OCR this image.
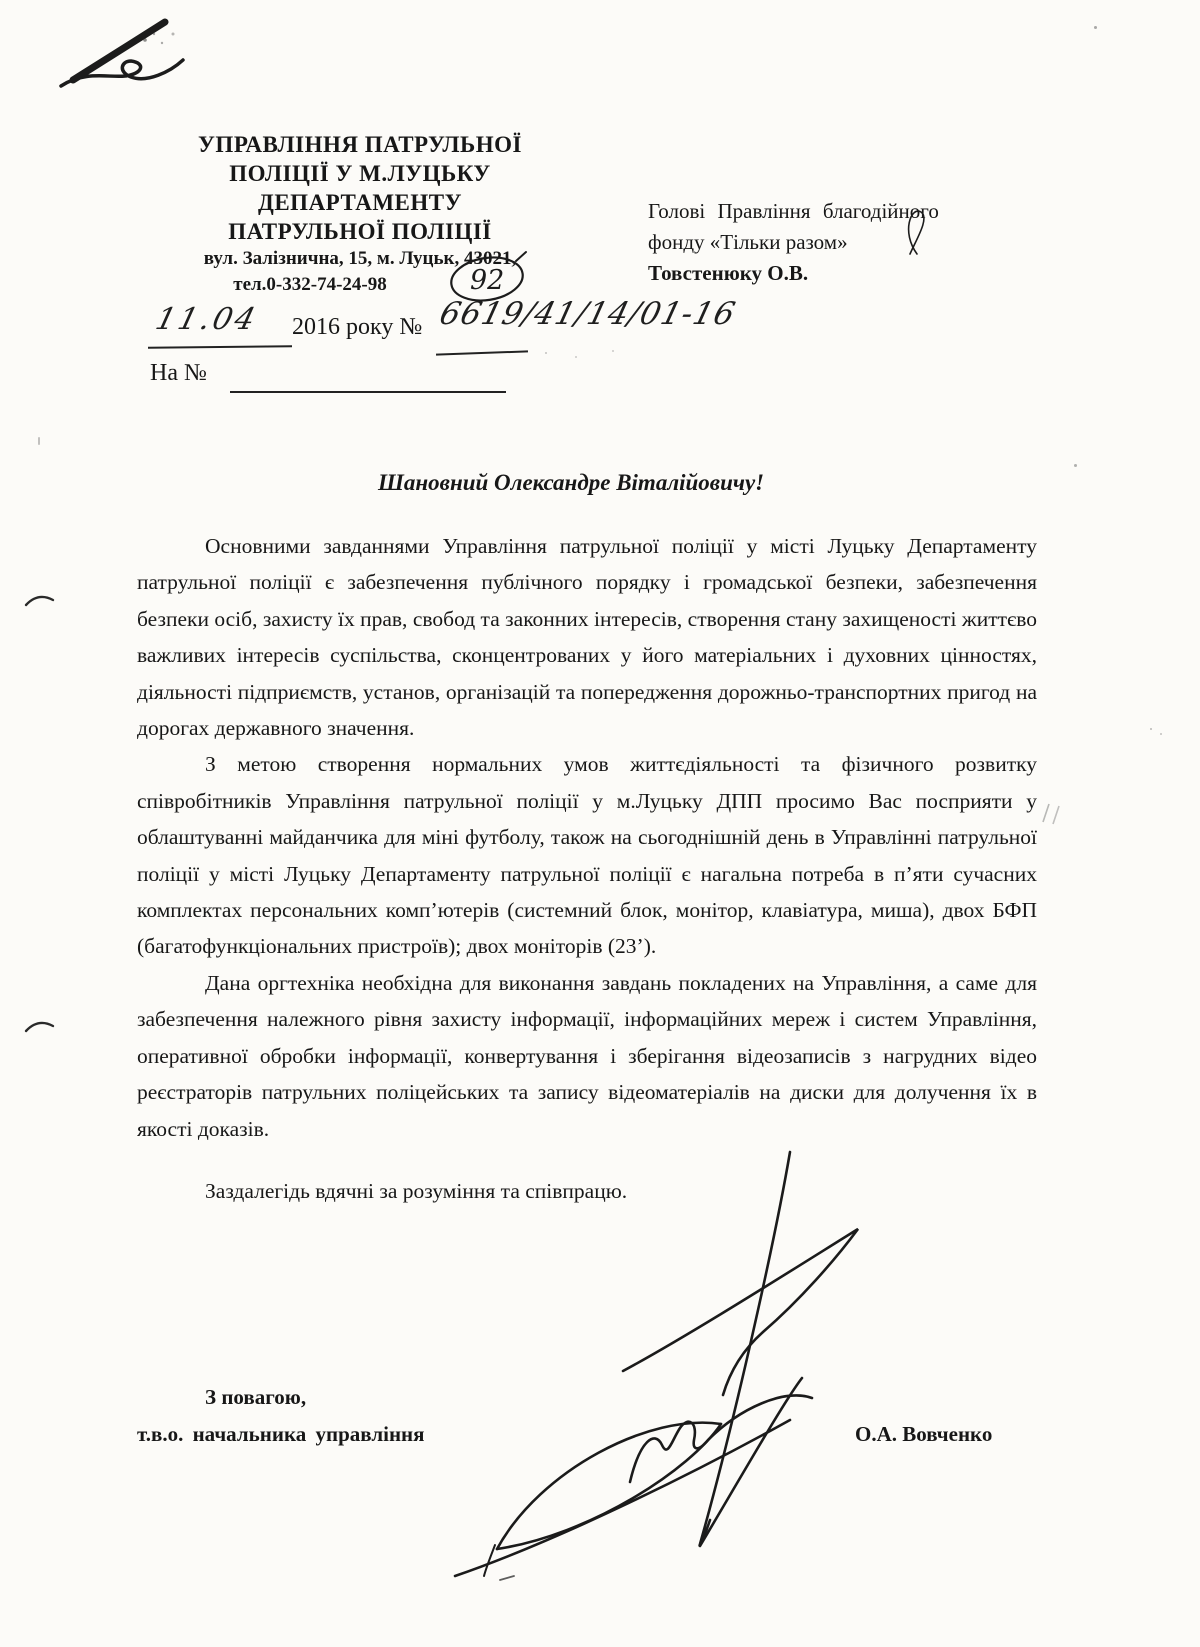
УПРАВЛІННЯ ПАТРУЛЬНОЇ
ПОЛІЦІЇ У М.ЛУЦЬКУ
ДЕПАРТАМЕНТУ
ПАТРУЛЬНОЇ ПОЛІЦІЇ
вул. Залізнична, 15, м. Луцьк, 43021,
тел.0-332-74-24-98	92
Голові Правління благодійного
фонду «Тільки разом»
Товстенюку О.В.
11.04 2016 року № 6619/41/14/01-16
На №
Шановний Олександре Віталійовичу!

Основними завданнями Управління патрульної поліції у місті Луцьку Департаменту патрульної поліції є забезпечення публічного порядку і громадської безпеки, забезпечення безпеки осіб, захисту їх прав, свобод та законних інтересів, створення стану захищеності життєво важливих інтересів суспільства, сконцентрованих у його матеріальних і духовних цінностях, діяльності підприємств, установ, організацій та попередження дорожньо-транспортних пригод на дорогах державного значення.

З метою створення нормальних умов життєдіяльності та фізичного розвитку співробітників Управління патрульної поліції у м.Луцьку ДПП просимо Вас посприяти у облаштуванні майданчика для міні футболу, також на сьогоднішній день в Управлінні патрульної поліції у місті Луцьку Департаменту патрульної поліції є нагальна потреба в п’яти сучасних комплектах персональних комп’ютерів (системний блок, монітор, клавіатура, миша), двох БФП (багатофункціональних пристроїв); двох моніторів (23’).

Дана оргтехніка необхідна для виконання завдань покладених на Управління, а саме для забезпечення належного рівня захисту інформації, інформаційних мереж і систем Управління, оперативної обробки інформації, конвертування і зберігання відеозаписів з нагрудних відео реєстраторів патрульних поліцейських та запису відеоматеріалів на диски для долучення їх в якості доказів.

Заздалегідь вдячні за розуміння та співпрацю.

З повагою,
т.в.о. начальника управління	О.А. Вовченко
